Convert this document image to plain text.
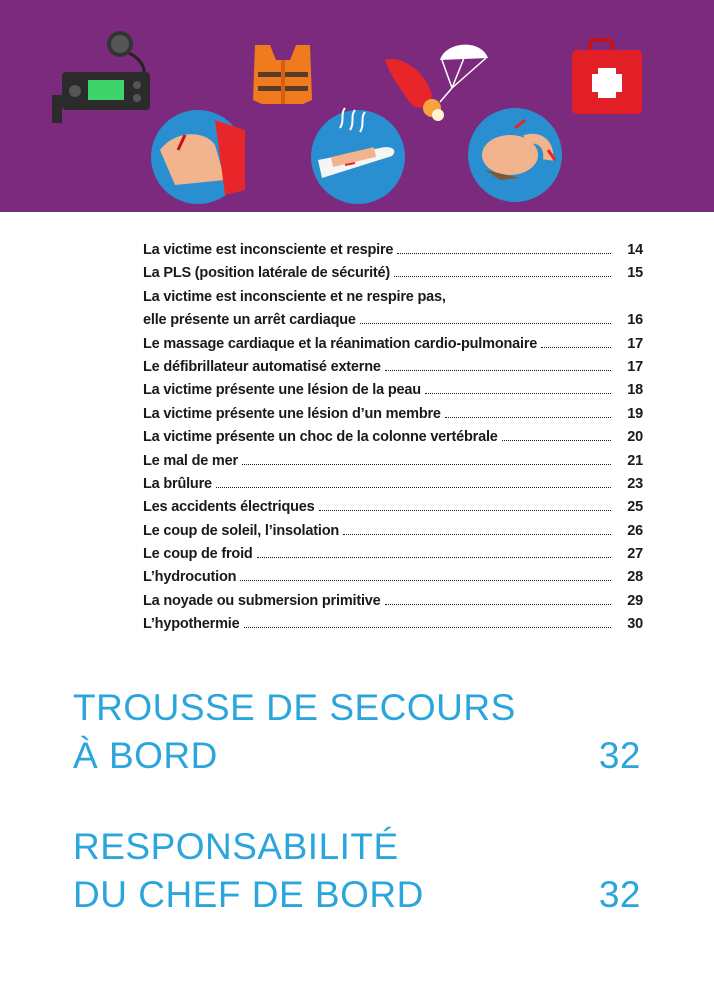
La victime est inconsciente et respire	14
La PLS (position latérale de sécurité)	15
La victime est inconsciente et ne respire pas,
elle présente un arrêt cardiaque	16
Le massage cardiaque et la réanimation cardio-pulmonaire	17
Le défibrillateur automatisé externe	17
La victime présente une lésion de la peau	18
La victime présente une lésion d’un membre	19
La victime présente un choc de la colonne vertébrale	20
Le mal de mer	21
La brûlure	23
Les accidents électriques	25
Le coup de soleil, l’insolation	26
Le coup de froid	27
L’hydrocution	28
La noyade ou submersion primitive	29
L’hypothermie	30
TROUSSE DE SECOURS
À BORD	32
RESPONSABILITÉ
DU CHEF DE BORD	32
